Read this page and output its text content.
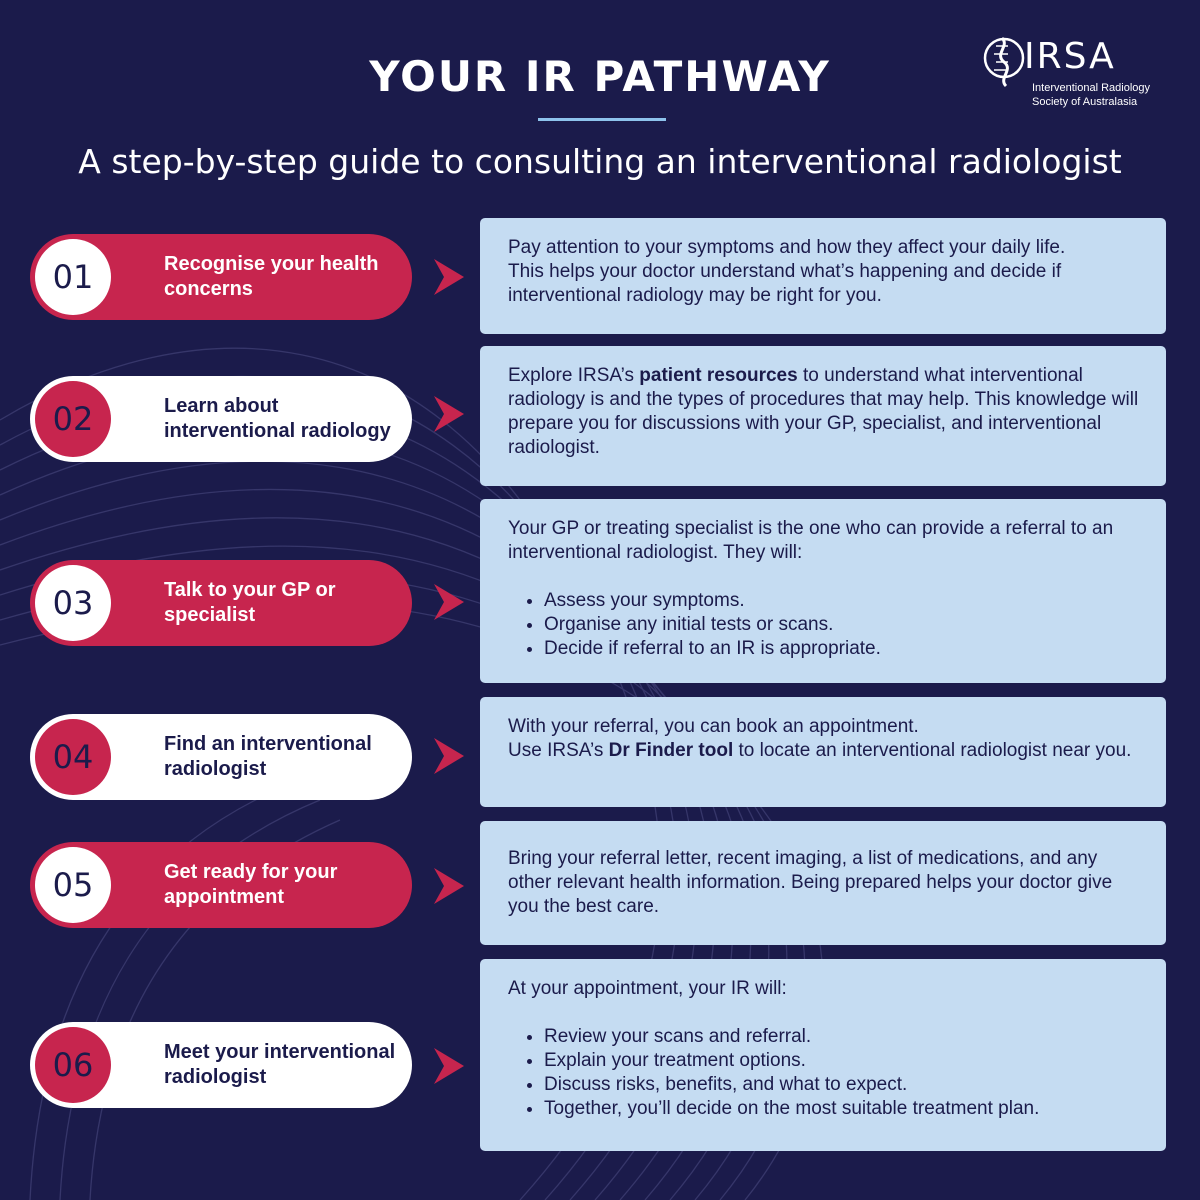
YOUR IR PATHWAY
A step-by-step guide to consulting an interventional radiologist
IRSA
Interventional Radiology
Society of Australasia
01	Recognise your health concerns

Pay attention to your symptoms and how they affect your daily life.

This helps your doctor understand what’s happening and decide if

interventional radiology may be right for you.

02	Learn about interventional radiology

Explore IRSA’s patient resources to understand what interventional radiology is and the types of procedures that may help. This knowledge will prepare you for discussions with your GP, specialist, and interventional radiologist.

03	Talk to your GP or specialist

Your GP or treating specialist is the one who can provide a referral to an interventional radiologist. They will:

• Assess your symptoms.
• Organise any initial tests or scans.
• Decide if referral to an IR is appropriate.
04	Find an interventional radiologist

With your referral, you can book an appointment.

Use IRSA’s Dr Finder tool to locate an interventional radiologist near you.

05	Get ready for your appointment

Bring your referral letter, recent imaging, a list of medications, and any other relevant health information. Being prepared helps your doctor give you the best care.

06	Meet your interventional radiologist

At your appointment, your IR will:

• Review your scans and referral.
• Explain your treatment options.
• Discuss risks, benefits, and what to expect.
• Together, you’ll decide on the most suitable treatment plan.
